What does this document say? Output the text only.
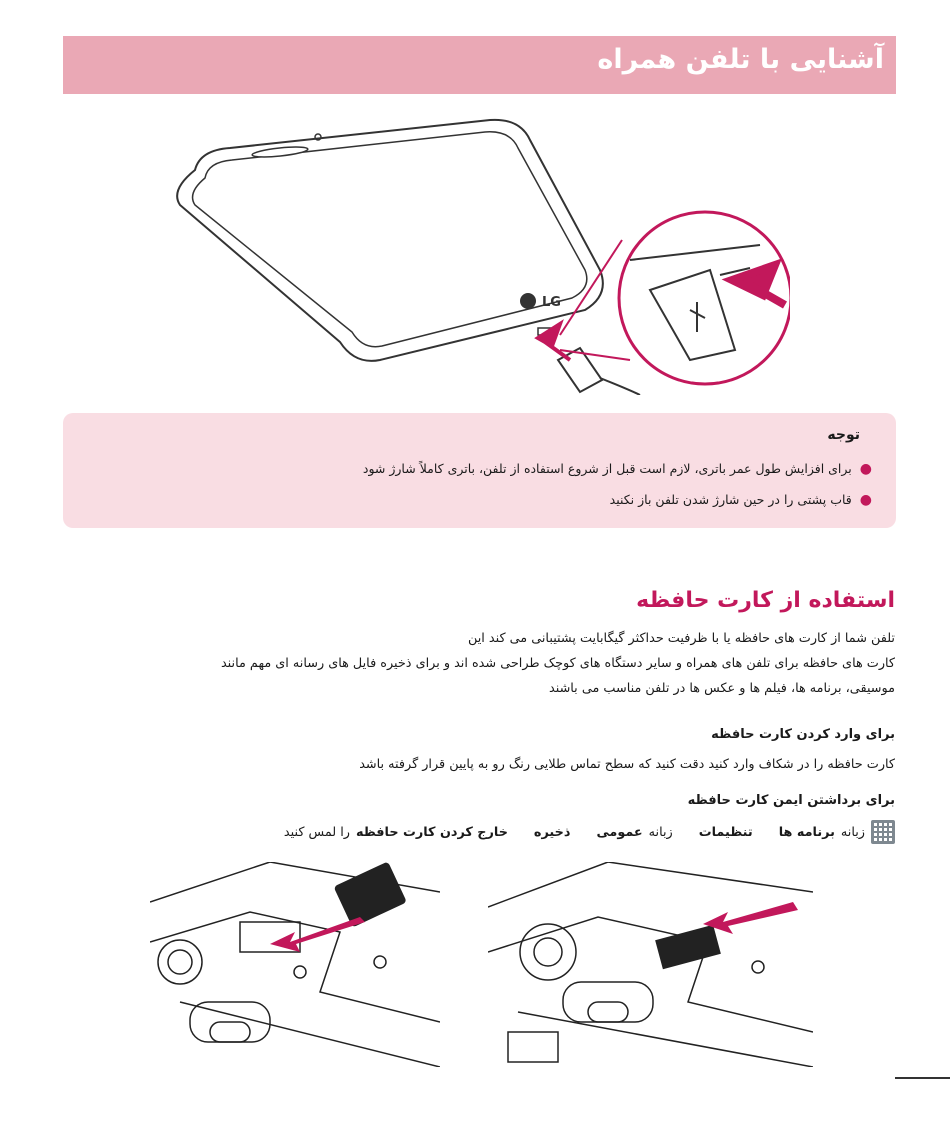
آشنایی با تلفن همراه
LG
توجه
●
برای افزایش طول عمر باتری، لازم است قبل از شروع استفاده از تلفن، باتری کاملاً شارژ شود
●
قاب پشتی را در حین شارژ شدن تلفن باز نکنید
استفاده از کارت حافظه

تلفن شما از کارت های حافظه یا با ظرفیت حداکثر گیگابایت پشتیبانی می کند این
کارت های حافظه برای تلفن های همراه و سایر دستگاه های کوچک طراحی شده اند و برای ذخیره فایل های رسانه ای مهم مانند
موسیقی، برنامه ها، فیلم ها و عکس ها در تلفن مناسب می باشند

برای وارد کردن کارت حافظه

کارت حافظه را در شکاف وارد کنید دقت کنید که سطح تماس طلایی رنگ رو به پایین قرار گرفته باشد

برای برداشتن ایمن کارت حافظه
زبانه
برنامه ها
تنظیمات
زبانه
عمومی
ذخیره
خارج کردن کارت حافظه
را لمس کنید
